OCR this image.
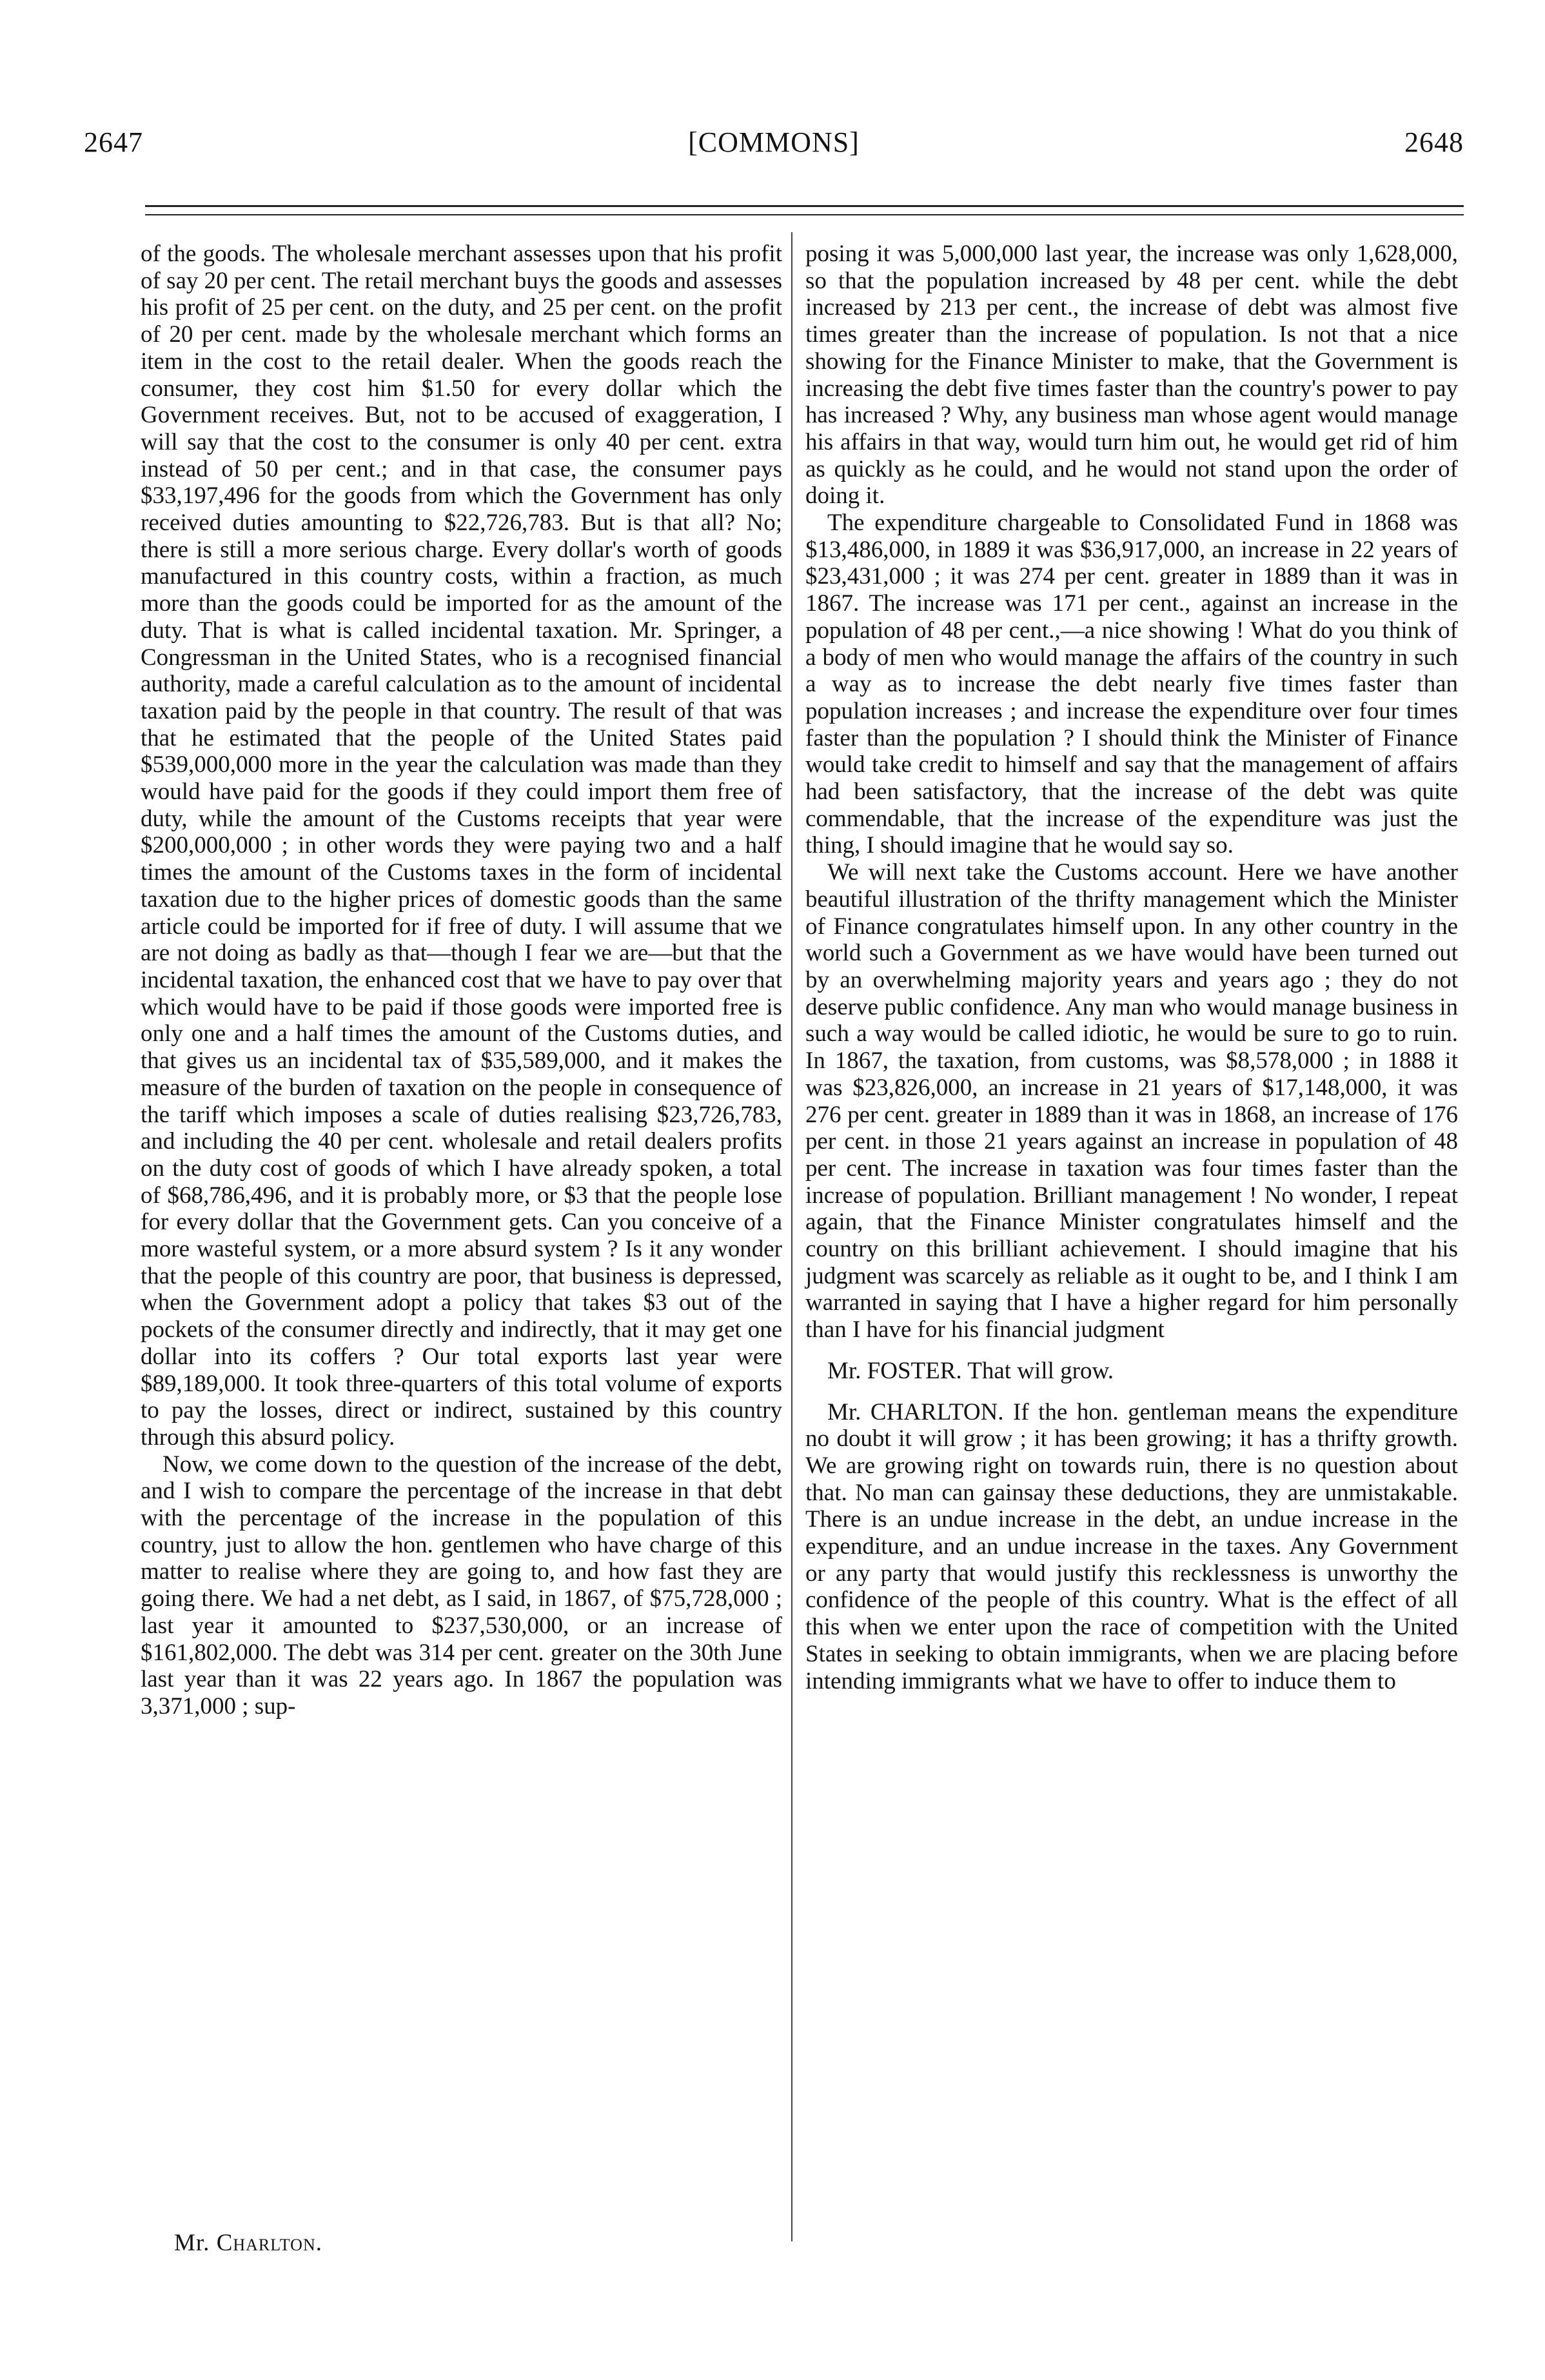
2647	[COMMONS]	2648

of the goods. The wholesale merchant assesses upon that his profit of say 20 per cent. The retail merchant buys the goods and assesses his profit of 25 per cent. on the duty, and 25 per cent. on the profit of 20 per cent. made by the wholesale merchant which forms an item in the cost to the retail dealer. When the goods reach the consumer, they cost him $1.50 for every dollar which the Government receives. But, not to be accused of exaggeration, I will say that the cost to the consumer is only 40 per cent. extra instead of 50 per cent.; and in that case, the consumer pays $33,197,496 for the goods from which the Government has only received duties amounting to $22,726,783. But is that all? No; there is still a more serious charge. Every dollar's worth of goods manufactured in this country costs, within a fraction, as much more than the goods could be imported for as the amount of the duty. That is what is called incidental taxation. Mr. Springer, a Congressman in the United States, who is a recognised financial authority, made a careful calculation as to the amount of incidental taxation paid by the people in that country. The result of that was that he estimated that the people of the United States paid $539,000,000 more in the year the calculation was made than they would have paid for the goods if they could import them free of duty, while the amount of the Customs receipts that year were $200,000,000 ; in other words they were paying two and a half times the amount of the Customs taxes in the form of incidental taxation due to the higher prices of domestic goods than the same article could be imported for if free of duty. I will assume that we are not doing as badly as that—though I fear we are—but that the incidental taxation, the enhanced cost that we have to pay over that which would have to be paid if those goods were imported free is only one and a half times the amount of the Customs duties, and that gives us an incidental tax of $35,589,000, and it makes the measure of the burden of taxation on the people in consequence of the tariff which imposes a scale of duties realising $23,726,783, and including the 40 per cent. wholesale and retail dealers profits on the duty cost of goods of which I have already spoken, a total of $68,786,496, and it is probably more, or $3 that the people lose for every dollar that the Government gets. Can you conceive of a more wasteful system, or a more absurd system ? Is it any wonder that the people of this country are poor, that business is depressed, when the Government adopt a policy that takes $3 out of the pockets of the consumer directly and indirectly, that it may get one dollar into its coffers ? Our total exports last year were $89,189,000. It took three-quarters of this total volume of exports to pay the losses, direct or indirect, sustained by this country through this absurd policy.

Now, we come down to the question of the increase of the debt, and I wish to compare the percentage of the increase in that debt with the percentage of the increase in the population of this country, just to allow the hon. gentlemen who have charge of this matter to realise where they are going to, and how fast they are going there. We had a net debt, as I said, in 1867, of $75,728,000 ; last year it amounted to $237,530,000, or an increase of $161,802,000. The debt was 314 per cent. greater on the 30th June last year than it was 22 years ago. In 1867 the population was 3,371,000 ; sup-

posing it was 5,000,000 last year, the increase was only 1,628,000, so that the population increased by 48 per cent. while the debt increased by 213 per cent., the increase of debt was almost five times greater than the increase of population. Is not that a nice showing for the Finance Minister to make, that the Government is increasing the debt five times faster than the country's power to pay has increased ? Why, any business man whose agent would manage his affairs in that way, would turn him out, he would get rid of him as quickly as he could, and he would not stand upon the order of doing it.

The expenditure chargeable to Consolidated Fund in 1868 was $13,486,000, in 1889 it was $36,917,000, an increase in 22 years of $23,431,000 ; it was 274 per cent. greater in 1889 than it was in 1867. The increase was 171 per cent., against an increase in the population of 48 per cent.,—a nice showing ! What do you think of a body of men who would manage the affairs of the country in such a way as to increase the debt nearly five times faster than population increases ; and increase the expenditure over four times faster than the population ? I should think the Minister of Finance would take credit to himself and say that the management of affairs had been satisfactory, that the increase of the debt was quite commendable, that the increase of the expenditure was just the thing, I should imagine that he would say so.

We will next take the Customs account. Here we have another beautiful illustration of the thrifty management which the Minister of Finance congratulates himself upon. In any other country in the world such a Government as we have would have been turned out by an overwhelming majority years and years ago ; they do not deserve public confidence. Any man who would manage business in such a way would be called idiotic, he would be sure to go to ruin. In 1867, the taxation, from customs, was $8,578,000 ; in 1888 it was $23,826,000, an increase in 21 years of $17,148,000, it was 276 per cent. greater in 1889 than it was in 1868, an increase of 176 per cent. in those 21 years against an increase in population of 48 per cent. The increase in taxation was four times faster than the increase of population. Brilliant management ! No wonder, I repeat again, that the Finance Minister congratulates himself and the country on this brilliant achievement. I should imagine that his judgment was scarcely as reliable as it ought to be, and I think I am warranted in saying that I have a higher regard for him personally than I have for his financial judgment

Mr. FOSTER. That will grow.

Mr. CHARLTON. If the hon. gentleman means the expenditure no doubt it will grow ; it has been growing; it has a thrifty growth. We are growing right on towards ruin, there is no question about that. No man can gainsay these deductions, they are unmistakable. There is an undue increase in the debt, an undue increase in the expenditure, and an undue increase in the taxes. Any Government or any party that would justify this recklessness is unworthy the confidence of the people of this country. What is the effect of all this when we enter upon the race of competition with the United States in seeking to obtain immigrants, when we are placing before intending immigrants what we have to offer to induce them to

Mr. Charlton.
